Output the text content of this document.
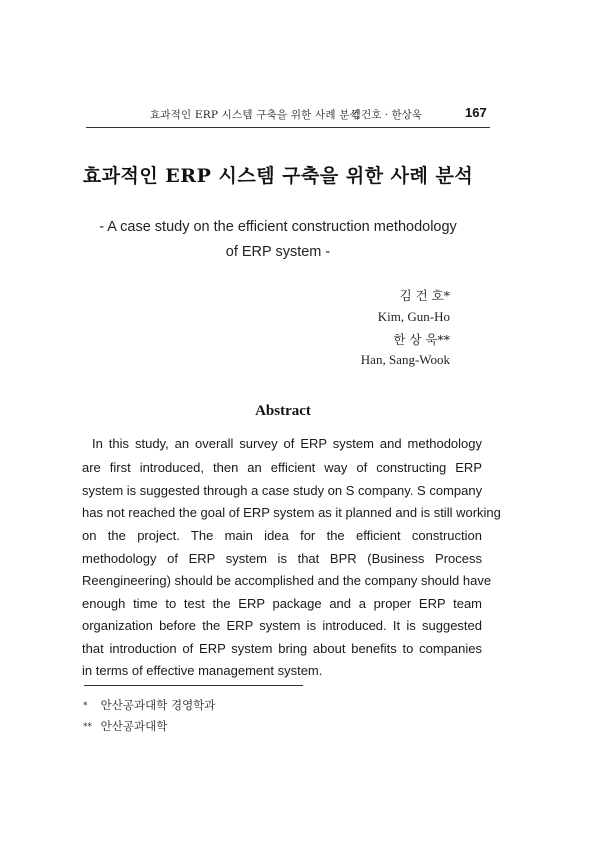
효과적인 ERP 시스템 구축을 위한 사례 분석
김건호 · 한상욱	167
효과적인 ERP 시스템 구축을 위한 사례 분석
- A case study on the efficient construction methodology
of ERP system -
김 건 호*
Kim, Gun-Ho
한 상 욱**
Han, Sang-Wook
Abstract
In this study, an overall survey of ERP system and methodology
are first introduced, then an efficient way of constructing ERP
system is suggested through a case study on S company. S company
has not reached the goal of ERP system as it planned and is still working
on the project. The main idea for the efficient construction
methodology of ERP system is that BPR (Business Process
Reengineering) should be accomplished and the company should have
enough time to test the ERP package and a proper ERP team
organization before the ERP system is introduced. It is suggested
that introduction of ERP system bring about benefits to companies
in terms of effective management system.
* 안산공과대학 경영학과
** 안산공과대학
